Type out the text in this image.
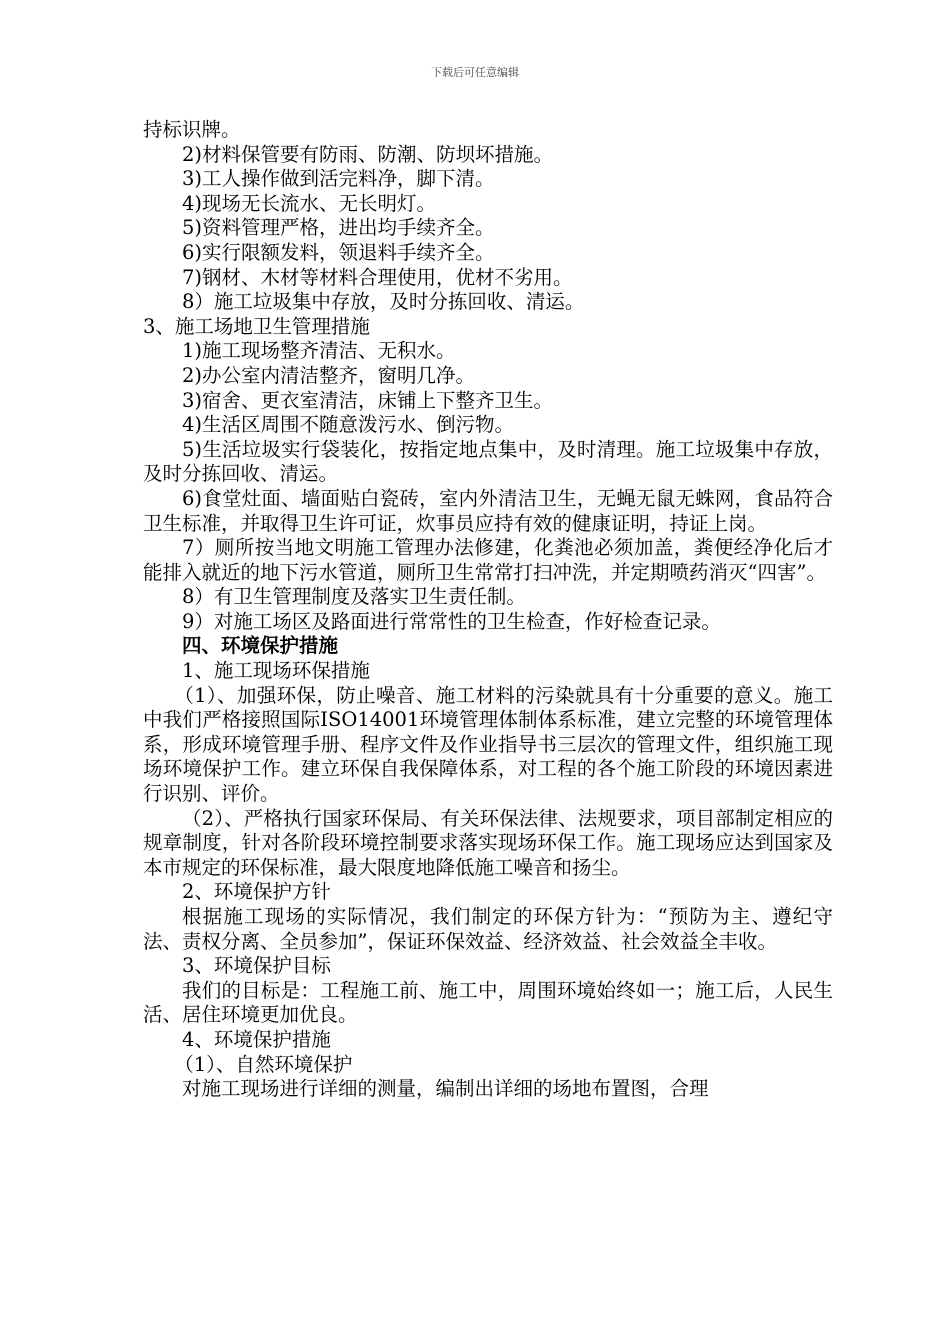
下载后可任意编辑

持标识牌。

2)材料保管要有防雨、防潮、防坝坏措施。

3)工人操作做到活完料净，脚下清。

4)现场无长流水、无长明灯。

5)资料管理严格，进出均手续齐全。

6)实行限额发料，领退料手续齐全。

7)钢材、木材等材料合理使用，优材不劣用。

8）施工垃圾集中存放，及时分拣回收、清运。

3、施工场地卫生管理措施

1)施工现场整齐清洁、无积水。

2)办公室内清洁整齐，窗明几净。

3)宿舍、更衣室清洁，床铺上下整齐卫生。

4)生活区周围不随意泼污水、倒污物。

5)生活垃圾实行袋装化，按指定地点集中，及时清理。施工垃圾集中存放，及时分拣回收、清运。

6)食堂灶面、墙面贴白瓷砖，室内外清洁卫生，无蝇无鼠无蛛网，食品符合卫生标准，并取得卫生许可证，炊事员应持有效的健康证明，持证上岗。

7）厕所按当地文明施工管理办法修建，化粪池必须加盖，粪便经净化后才能排入就近的地下污水管道，厕所卫生常常打扫冲洗，并定期喷药消灭“四害”。

8）有卫生管理制度及落实卫生责任制。

9）对施工场区及路面进行常常性的卫生检查，作好检查记录。

四、环境保护措施

1、施工现场环保措施

（1）、加强环保，防止噪音、施工材料的污染就具有十分重要的意义。施工中我们严格接照国际ISO14001环境管理体制体系标准，建立完整的环境管理体系，形成环境管理手册、程序文件及作业指导书三层次的管理文件，组织施工现场环境保护工作。建立环保自我保障体系，对工程的各个施工阶段的环境因素进行识别、评价。

（2）、严格执行国家环保局、有关环保法律、法规要求，项目部制定相应的规章制度，针对各阶段环境控制要求落实现场环保工作。施工现场应达到国家及本市规定的环保标准，最大限度地降低施工噪音和扬尘。

2、环境保护方针

根据施工现场的实际情况，我们制定的环保方针为：“预防为主、遵纪守法、责权分离、全员参加”，保证环保效益、经济效益、社会效益全丰收。

3、环境保护目标

我们的目标是：工程施工前、施工中，周围环境始终如一；施工后，人民生活、居住环境更加优良。

4、环境保护措施

（1）、自然环境保护

对施工现场进行详细的测量，编制出详细的场地布置图，合理
